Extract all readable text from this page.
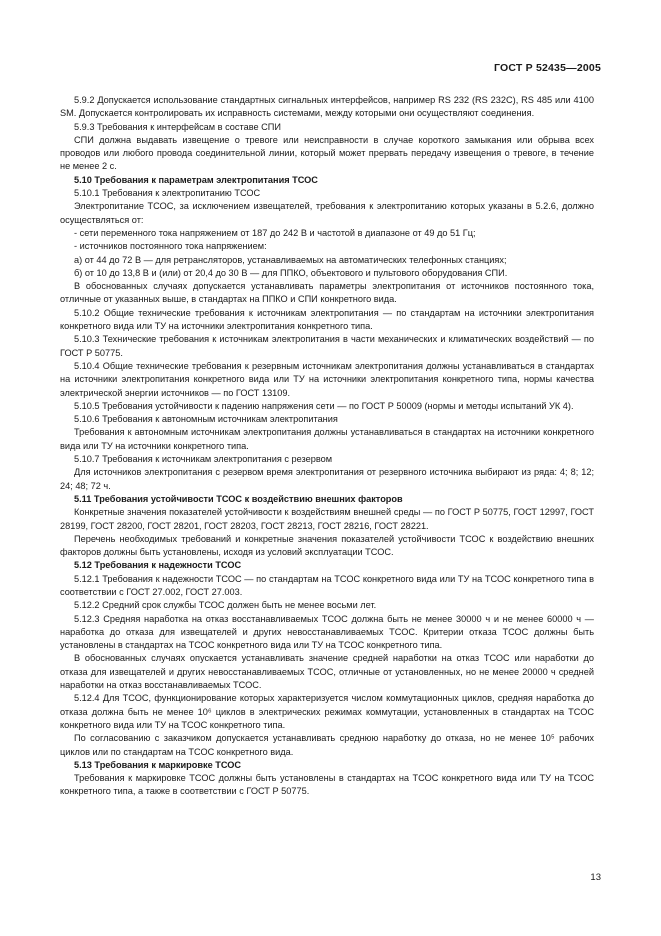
ГОСТ Р 52435—2005

5.9.2 Допускается использование стандартных сигнальных интерфейсов, например RS 232 (RS 232C), RS 485 или 4100 SM. Допускается контролировать их исправность системами, между которыми они осуществляют соединения.

5.9.3 Требования к интерфейсам в составе СПИ

СПИ должна выдавать извещение о тревоге или неисправности в случае короткого замыкания или обрыва всех проводов или любого провода соединительной линии, который может прервать передачу извещения о тревоге, в течение не менее 2 с.

5.10 Требования к параметрам электропитания ТСОС

5.10.1 Требования к электропитанию ТСОС

Электропитание ТСОС, за исключением извещателей, требования к электропитанию которых указаны в 5.2.6, должно осуществляться от:

- сети переменного тока напряжением от 187 до 242 В и частотой в диапазоне от 49 до 51 Гц;

- источников постоянного тока напряжением:

а) от 44 до 72 В — для ретрансляторов, устанавливаемых на автоматических телефонных станциях;

б) от 10 до 13,8 В и (или) от 20,4 до 30 В — для ППКО, объектового и пультового оборудования СПИ.

В обоснованных случаях допускается устанавливать параметры электропитания от источников постоянного тока, отличные от указанных выше, в стандартах на ППКО и СПИ конкретного вида.

5.10.2 Общие технические требования к источникам электропитания — по стандартам на источники электропитания конкретного вида или ТУ на источники электропитания конкретного типа.

5.10.3 Технические требования к источникам электропитания в части механических и климатических воздействий — по ГОСТ Р 50775.

5.10.4 Общие технические требования к резервным источникам электропитания должны устанавливаться в стандартах на источники электропитания конкретного вида или ТУ на источники электропитания конкретного типа, нормы качества электрической энергии источников — по ГОСТ 13109.

5.10.5 Требования устойчивости к падению напряжения сети — по ГОСТ Р 50009 (нормы и методы испытаний УК 4).

5.10.6 Требования к автономным источникам электропитания

Требования к автономным источникам электропитания должны устанавливаться в стандартах на источники конкретного вида или ТУ на источники конкретного типа.

5.10.7 Требования к источникам электропитания с резервом

Для источников электропитания с резервом время электропитания от резервного источника выбирают из ряда: 4; 8; 12; 24; 48; 72 ч.

5.11 Требования устойчивости ТСОС к воздействию внешних факторов

Конкретные значения показателей устойчивости к воздействиям внешней среды — по ГОСТ Р 50775, ГОСТ 12997, ГОСТ 28199, ГОСТ 28200, ГОСТ 28201, ГОСТ 28203, ГОСТ 28213, ГОСТ 28216, ГОСТ 28221.

Перечень необходимых требований и конкретные значения показателей устойчивости ТСОС к воздействию внешних факторов должны быть установлены, исходя из условий эксплуатации ТСОС.

5.12 Требования к надежности ТСОС

5.12.1 Требования к надежности ТСОС — по стандартам на ТСОС конкретного вида или ТУ на ТСОС конкретного типа в соответствии с ГОСТ 27.002, ГОСТ 27.003.

5.12.2 Средний срок службы ТСОС должен быть не менее восьми лет.

5.12.3 Средняя наработка на отказ восстанавливаемых ТСОС должна быть не менее 30000 ч и не менее 60000 ч — наработка до отказа для извещателей и других невосстанавливаемых ТСОС. Критерии отказа ТСОС должны быть установлены в стандартах на ТСОС конкретного вида или ТУ на ТСОС конкретного типа.

В обоснованных случаях опускается устанавливать значение средней наработки на отказ ТСОС или наработки до отказа для извещателей и других невосстанавливаемых ТСОС, отличные от установленных, но не менее 20000 ч средней наработки на отказ восстанавливаемых ТСОС.

5.12.4 Для ТСОС, функционирование которых характеризуется числом коммутационных циклов, средняя наработка до отказа должна быть не менее 10⁶ циклов в электрических режимах коммутации, установленных в стандартах на ТСОС конкретного вида или ТУ на ТСОС конкретного типа.

По согласованию с заказчиком допускается устанавливать среднюю наработку до отказа, но не менее 10⁵ рабочих циклов или по стандартам на ТСОС конкретного вида.

5.13 Требования к маркировке ТСОС

Требования к маркировке ТСОС должны быть установлены в стандартах на ТСОС конкретного вида или ТУ на ТСОС конкретного типа, а также в соответствии с ГОСТ Р 50775.

13
